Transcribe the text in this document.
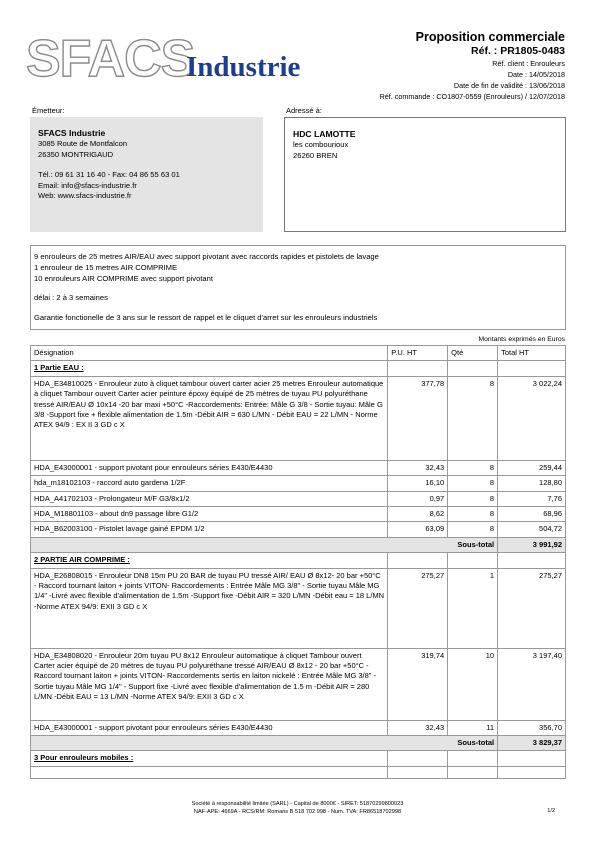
SFACS
Industrie
Proposition commerciale
Réf. : PR1805-0483
Réf. client : Enrouleurs
Date : 14/05/2018
Date de fin de validité : 13/06/2018
Réf. commande : CO1807-0559 (Enrouleurs) / 12/07/2018
Émetteur:	Adressé à:
SFACS Industrie
3085 Route de Montfalcon
26350 MONTRIGAUD
Tél.: 09 61 31 16 40 - Fax: 04 86 55 63 01
Email: info@sfacs-industrie.fr
Web: www.sfacs-industrie.fr
HDC LAMOTTE
les combourioux
26260 BREN
9 enrouleurs de 25 metres AIR/EAU avec support pivotant avec raccords rapides et pistolets de lavage
1 enrouleur de 15 metres AIR COMPRIME
10 enrouleurs AIR COMPRIME avec support pivotant
délai : 2 à 3 semaines
Garantie fonctionelle de 3 ans sur le ressort de rappel et le cliquet d'arret sur les enrouleurs industriels
Montants exprimés en Euros
Désignation	P.U. HT	Qté	Total HT
1 Partie EAU :			
HDA_E34810025 - Enrouleur zuto à cliquet tambour ouvert carter acier 25 metres Enrouleur automatique à cliquet Tambour ouvert Carter acier peinture époxy équipé de 25 mètres de tuyau PU polyuréthane tressé AIR/EAU Ø 10x14 -20 bar maxi +50°C -Raccordements: Entrée: Mâle G 3/8 - Sortie tuyau: Mâle G 3/8 -Support fixe + flexible alimentation de 1.5m -Débit AIR = 630 L/MN - Débit EAU = 22 L/MN - Norme ATEX 94/9 : EX II 3 GD c X	377,78	8	3 022,24
HDA_E43000001 - support pivotant pour enrouleurs séries E430/E4430	32,43	8	259,44
hda_m18102103 - raccord auto gardena 1/2F	16,10	8	128,80
HDA_A41702103 - Prolongateur M/F G3/8x1/2	0,97	8	7,76
HDA_M18801103 - about dn9 passage libre G1/2	8,62	8	68,96
HDA_B62003100 - Pistolet lavage gainé EPDM 1/2	63,09	8	504,72
Sous-total			3 991,92
2 PARTIE AIR COMPRIME :			
HDA_E26808015 - Enrouleur DN8 15m PU 20 BAR de tuyau PU tressé AIR/ EAU Ø 8x12- 20 bar +50°C - Raccord tournant laiton + joints VITON- Raccordements : Entrée Mâle MG 3/8" - Sortie tuyau Mâle MG 1/4" -Livré avec flexible d'alimentation de 1.5m -Support fixe -Débit AIR = 320 L/MN -Débit eau = 18 L/MN -Norme ATEX 94/9: EXII 3 GD c X	275,27	1	275,27
HDA_E34808020 - Enrouleur 20m tuyau PU 8x12 Enrouleur automatique à cliquet Tambour ouvert Carter acier équipé de 20 mètres de tuyau PU polyuréthane tressé AIR/EAU Ø 8x12 - 20 bar +50°C - Raccord tournant laiton + joints VITON- Raccordements sertis en laiton nickelé : Entrée Mâle MG 3/8" - Sortie tuyau Mâle MG 1/4" - Support fixe -Livré avec flexible d'alimentation de 1.5 m -Débit AIR = 280 L/MN -Débit EAU = 13 L/MN -Norme ATEX 94/9: EXII 3 GD c X	319,74	10	3 197,40
HDA_E43000001 - support pivotant pour enrouleurs séries E430/E4430	32,43	11	356,70
Sous-total			3 829,37
3 Pour enrouleurs mobiles :			

Société à responsabilité limitée (SARL) - Capital de 8000€ - SIRET: 51870299800023
NAF-APE: 4669A - RCS/RM: Romans B 518 702 998 - Num. TVA: FR86518702998	1/2
